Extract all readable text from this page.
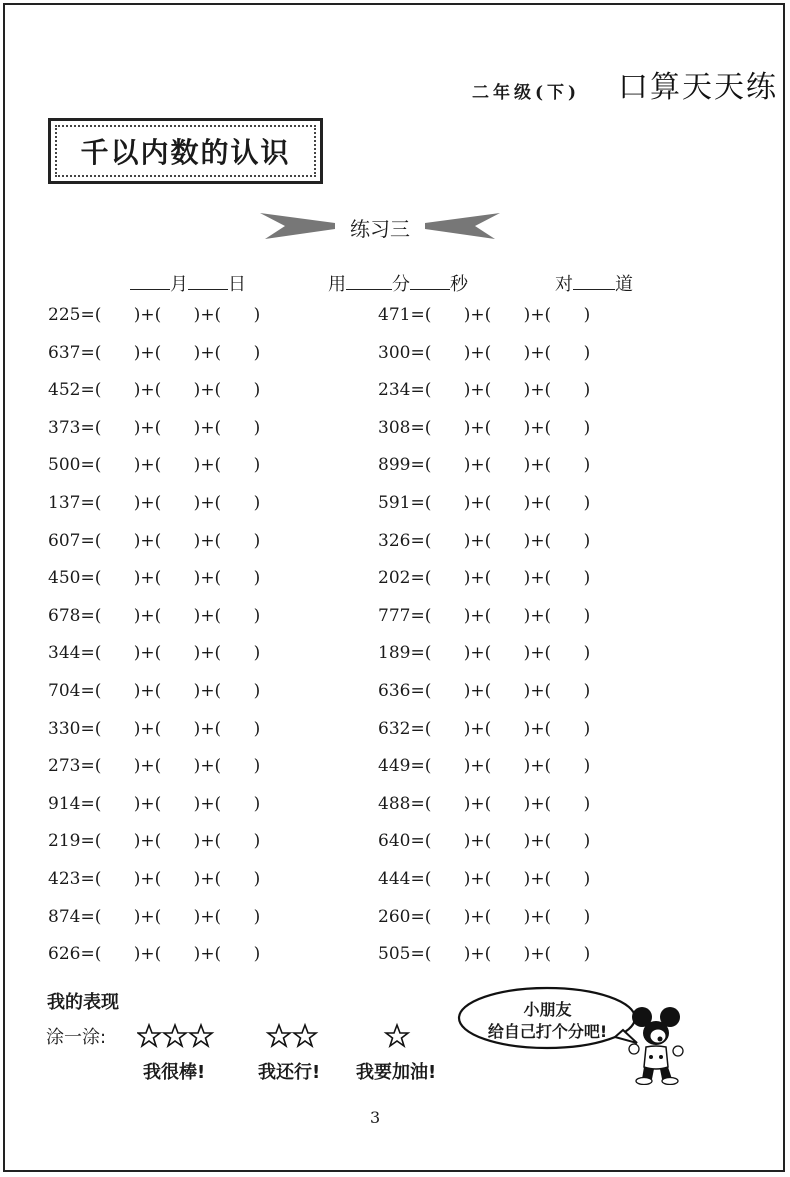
二年级(下) 口算天天练
千以内数的认识
练习三
月 日	用	分 秒	对 道
225=(      )+(      )+(      )
637=(      )+(      )+(      )
452=(      )+(      )+(      )
373=(      )+(      )+(      )
500=(      )+(      )+(      )
137=(      )+(      )+(      )
607=(      )+(      )+(      )
450=(      )+(      )+(      )
678=(      )+(      )+(      )
344=(      )+(      )+(      )
704=(      )+(      )+(      )
330=(      )+(      )+(      )
273=(      )+(      )+(      )
914=(      )+(      )+(      )
219=(      )+(      )+(      )
423=(      )+(      )+(      )
874=(      )+(      )+(      )
626=(      )+(      )+(      )
471=(      )+(      )+(      )
300=(      )+(      )+(      )
234=(      )+(      )+(      )
308=(      )+(      )+(      )
899=(      )+(      )+(      )
591=(      )+(      )+(      )
326=(      )+(      )+(      )
202=(      )+(      )+(      )
777=(      )+(      )+(      )
189=(      )+(      )+(      )
636=(      )+(      )+(      )
632=(      )+(      )+(      )
449=(      )+(      )+(      )
488=(      )+(      )+(      )
640=(      )+(      )+(      )
444=(      )+(      )+(      )
260=(      )+(      )+(      )
505=(      )+(      )+(      )
我的表现
涂一涂:
我很棒!	我还行! 我要加油!
小朋友
给自己打个分吧!
3
